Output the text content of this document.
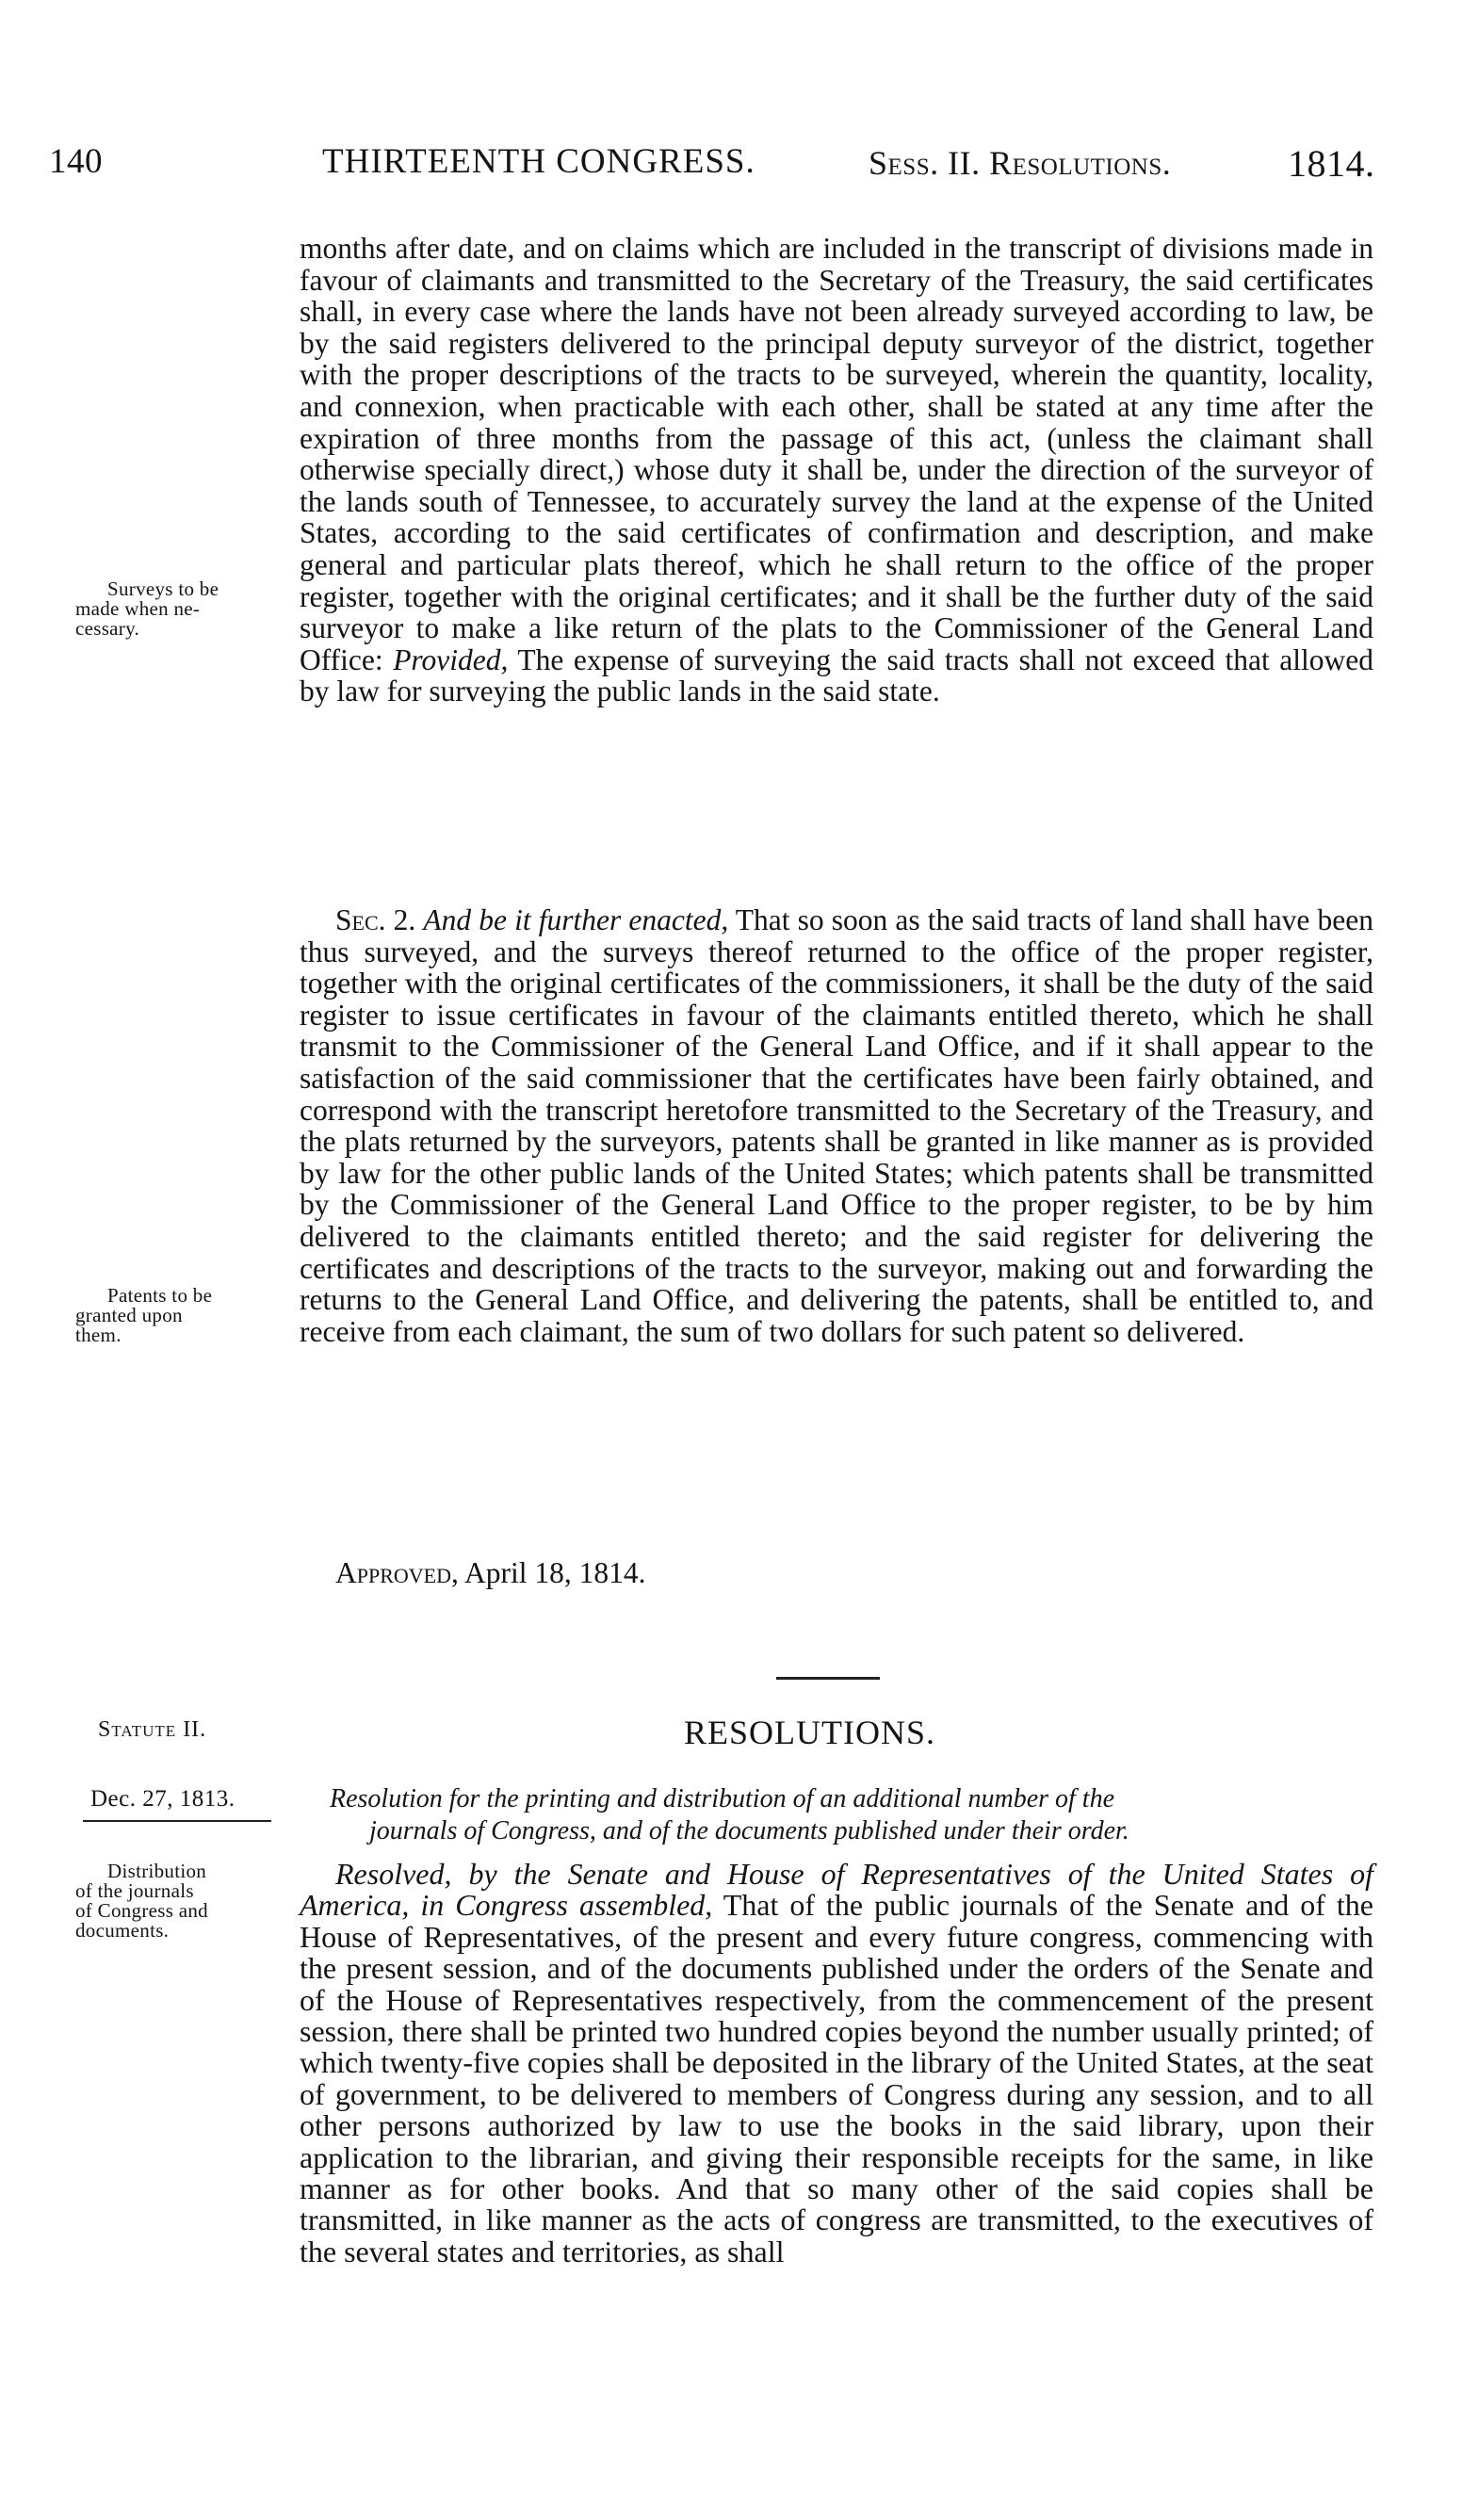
140	THIRTEENTH CONGRESS.	Sess. II. Resolutions.	1814.

months after date, and on claims which are included in the transcript of divisions made in favour of claimants and transmitted to the Secretary of the Treasury, the said certificates shall, in every case where the lands have not been already surveyed according to law, be by the said registers delivered to the principal deputy surveyor of the district, together with the proper descriptions of the tracts to be surveyed, wherein the quantity, locality, and connexion, when practicable with each other, shall be stated at any time after the expiration of three months from the passage of this act, (unless the claimant shall otherwise specially direct,) whose duty it shall be, under the direction of the surveyor of the lands south of Tennessee, to accurately survey the land at the expense of the United States, according to the said certificates of confirmation and description, and make general and particular plats thereof, which he shall return to the office of the proper register, together with the original certificates; and it shall be the further duty of the said surveyor to make a like return of the plats to the Commissioner of the General Land Office: Provided, The expense of surveying the said tracts shall not exceed that allowed by law for surveying the public lands in the said state.

Sec. 2. And be it further enacted, That so soon as the said tracts of land shall have been thus surveyed, and the surveys thereof returned to the office of the proper register, together with the original certificates of the commissioners, it shall be the duty of the said register to issue certificates in favour of the claimants entitled thereto, which he shall transmit to the Commissioner of the General Land Office, and if it shall appear to the satisfaction of the said commissioner that the certificates have been fairly obtained, and correspond with the transcript heretofore transmitted to the Secretary of the Treasury, and the plats returned by the surveyors, patents shall be granted in like manner as is provided by law for the other public lands of the United States; which patents shall be transmitted by the Commissioner of the General Land Office to the proper register, to be by him delivered to the claimants entitled thereto; and the said register for delivering the certificates and descriptions of the tracts to the surveyor, making out and forwarding the returns to the General Land Office, and delivering the patents, shall be entitled to, and receive from each claimant, the sum of two dollars for such patent so delivered.

Approved, April 18, 1814.
Surveys to be
made when ne-
cessary.
Patents to be
granted upon
them.
Statute II.	RESOLUTIONS.
Dec. 27, 1813.	Resolution for the printing and distribution of an additional number of the
journals of Congress, and of the documents published under their order.
Distribution
of the journals
of Congress and
documents.

Resolved, by the Senate and House of Representatives of the United States of America, in Congress assembled, That of the public journals of the Senate and of the House of Representatives, of the present and every future congress, commencing with the present session, and of the documents published under the orders of the Senate and of the House of Representatives respectively, from the commencement of the present session, there shall be printed two hundred copies beyond the number usually printed; of which twenty-five copies shall be deposited in the library of the United States, at the seat of government, to be delivered to members of Congress during any session, and to all other persons authorized by law to use the books in the said library, upon their application to the librarian, and giving their responsible receipts for the same, in like manner as for other books. And that so many other of the said copies shall be transmitted, in like manner as the acts of congress are transmitted, to the executives of the several states and territories, as shall
